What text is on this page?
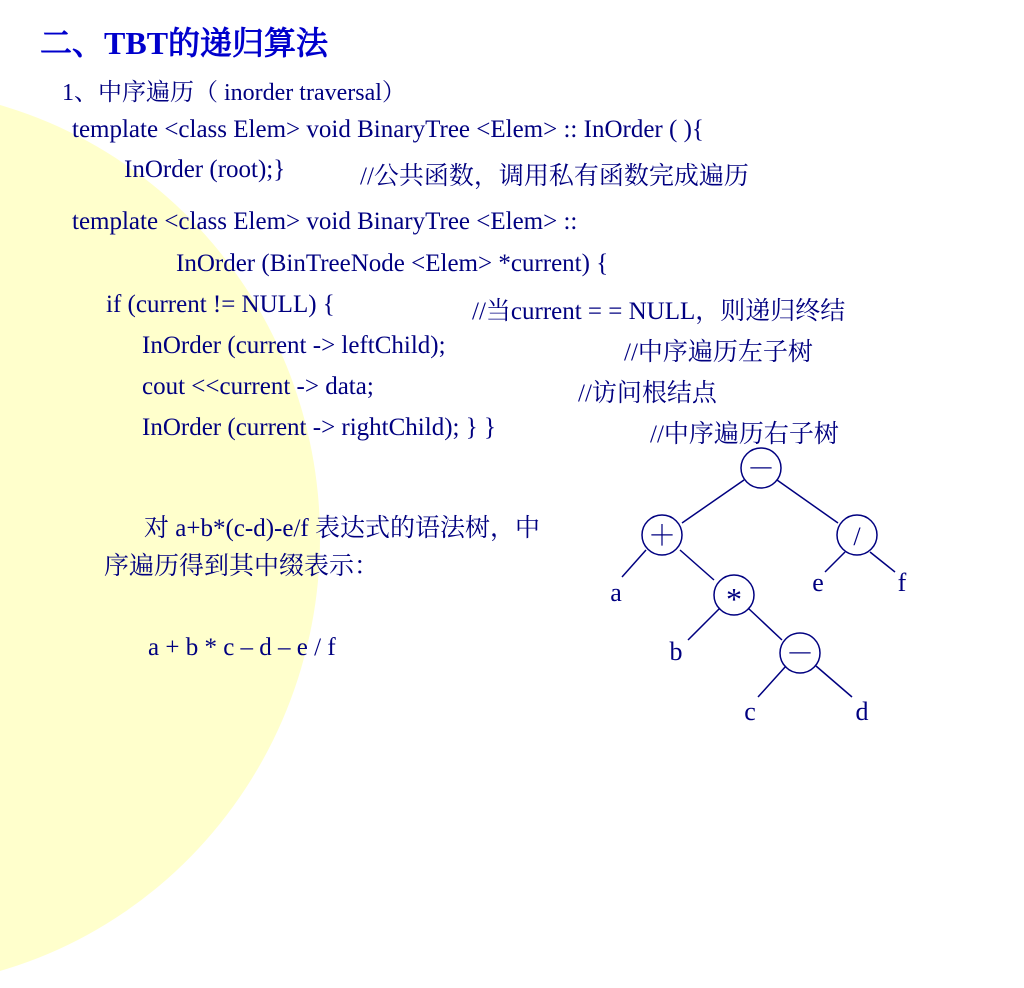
二、TBT的递归算法
1、中序遍历（ inorder traversal）
template <class Elem> void BinaryTree <Elem> :: InOrder ( ){
InOrder (root);}	//公共函数，调用私有函数完成遍历
template <class Elem> void BinaryTree <Elem> ::
InOrder (BinTreeNode <Elem> *current) {
if (current != NULL) {	//当current = = NULL，则递归终结
InOrder (current -> leftChild);	//中序遍历左子树
cout <<current -> data;	//访问根结点
InOrder (current -> rightChild); } }	//中序遍历右子树
对 a+b*(c-d)-e/f 表达式的语法树，中序遍历得到其中缀表示：
a + b * c – d – e / f
－
＋	/
*
－
a	e	f
b
c	d
